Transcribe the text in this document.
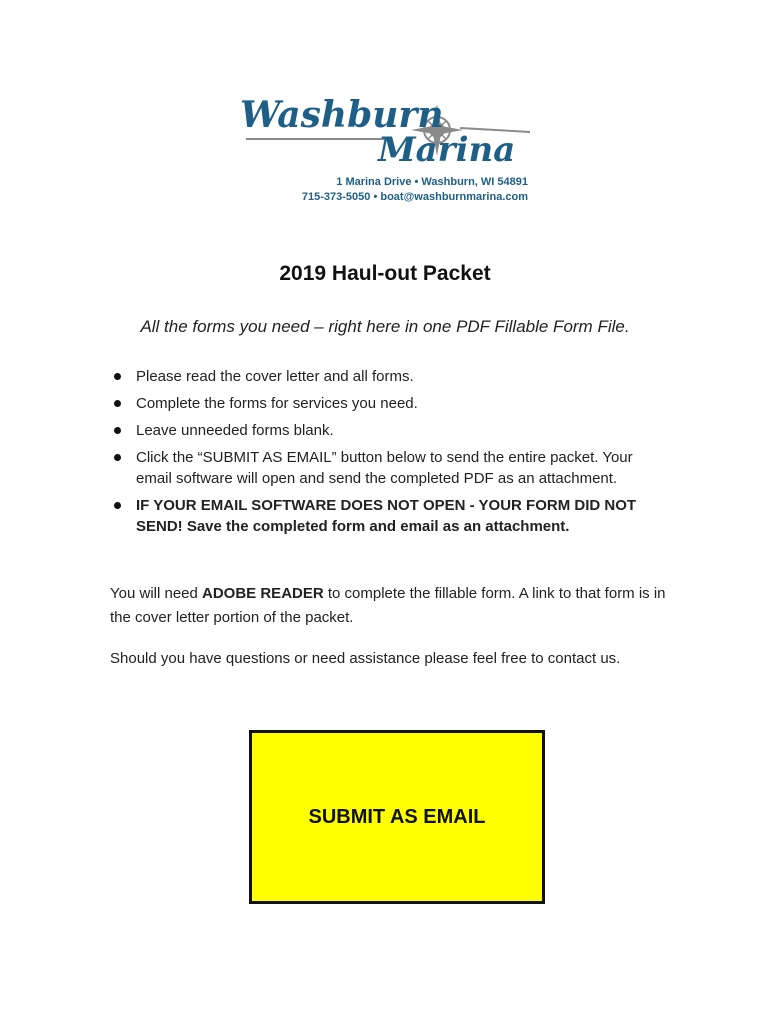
Washburn
Marina
1 Marina Drive • Washburn, WI 54891
715-373-5050 • boat@washburnmarina.com
2019 Haul-out Packet
All the forms you need – right here in one PDF Fillable Form File.
Please read the cover letter and all forms.
Complete the forms for services you need.
Leave unneeded forms blank.
Click the “SUBMIT AS EMAIL” button below to send the entire packet. Your email software will open and send the completed PDF as an attachment.
IF YOUR EMAIL SOFTWARE DOES NOT OPEN - YOUR FORM DID NOT SEND! Save the completed form and email as an attachment.
You will need ADOBE READER to complete the fillable form. A link to that form is in the cover letter portion of the packet.
Should you have questions or need assistance please feel free to contact us.
SUBMIT AS EMAIL
